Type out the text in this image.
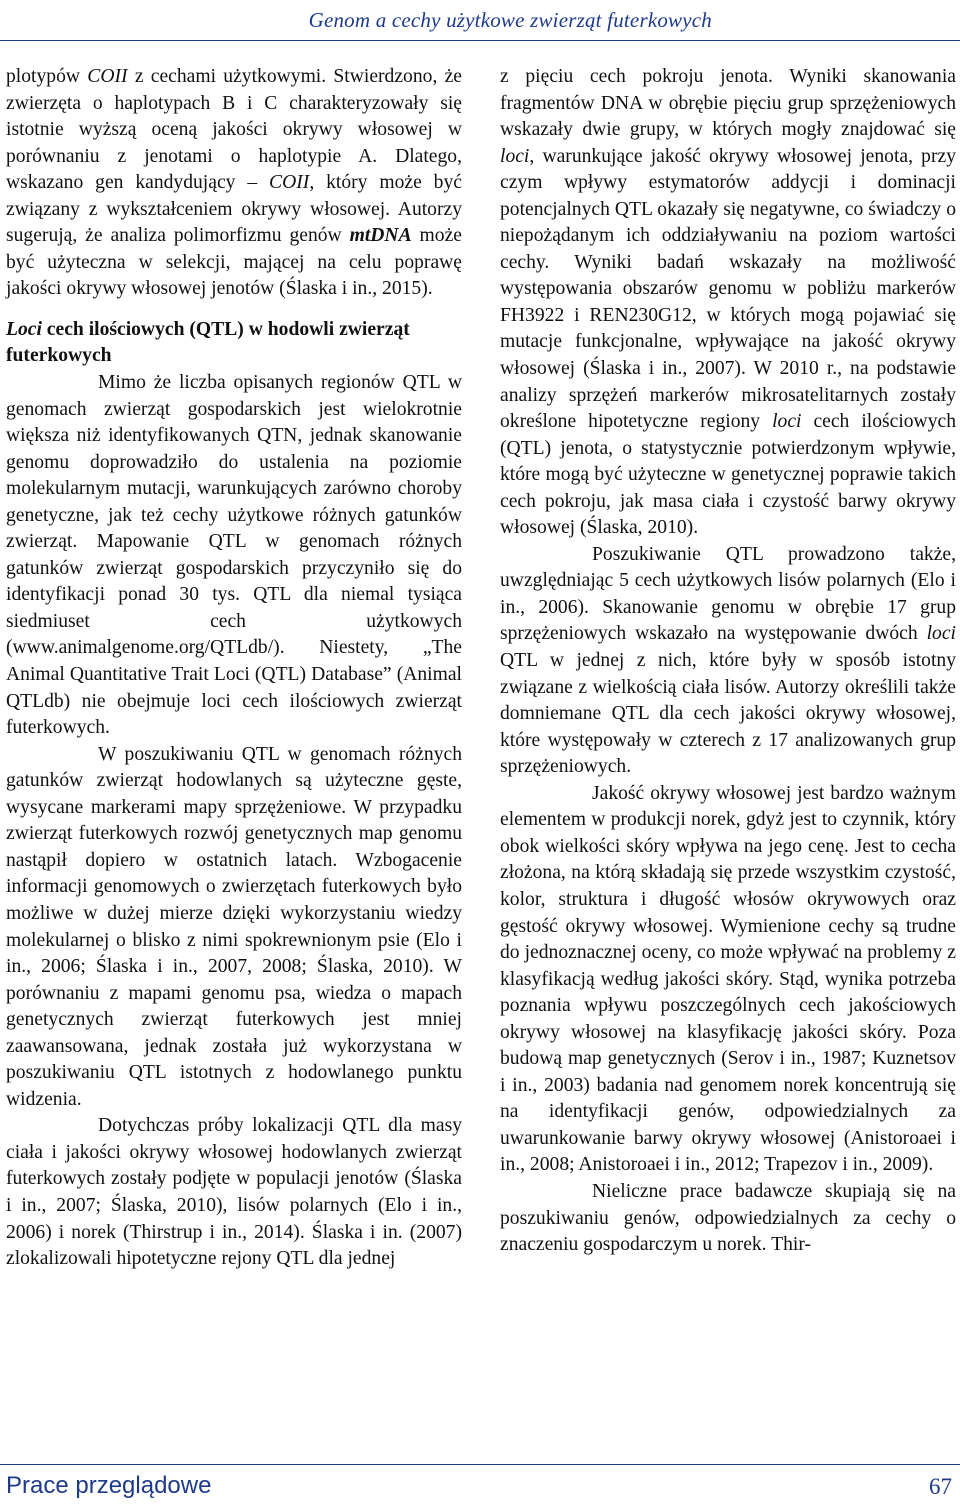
Genom a cechy użytkowe zwierząt futerkowych

plotypów COII z cechami użytkowymi. Stwierdzono, że zwierzęta o haplotypach B i C charakteryzowały się istotnie wyższą oceną jakości okrywy włosowej w porównaniu z jenotami o haplotypie A. Dlatego, wskazano gen kandydujący – COII, który może być związany z wykształceniem okrywy włosowej. Autorzy sugerują, że analiza polimorfizmu genów mtDNA może być użyteczna w selekcji, mającej na celu poprawę jakości okrywy włosowej jenotów (Ślaska i in., 2015).

Loci cech ilościowych (QTL) w hodowli zwierząt futerkowych

Mimo że liczba opisanych regionów QTL w genomach zwierząt gospodarskich jest wielokrotnie większa niż identyfikowanych QTN, jednak skanowanie genomu doprowadziło do ustalenia na poziomie molekularnym mutacji, warunkujących zarówno choroby genetyczne, jak też cechy użytkowe różnych gatunków zwierząt. Mapowanie QTL w genomach różnych gatunków zwierząt gospodarskich przyczyniło się do identyfikacji ponad 30 tys. QTL dla niemal tysiąca siedmiuset cech użytkowych (www.animalgenome.org/QTLdb/). Niestety, „The Animal Quantitative Trait Loci (QTL) Database” (Animal QTLdb) nie obejmuje loci cech ilościowych zwierząt futerkowych.

W poszukiwaniu QTL w genomach różnych gatunków zwierząt hodowlanych są użyteczne gęste, wysycane markerami mapy sprzężeniowe. W przypadku zwierząt futerkowych rozwój genetycznych map genomu nastąpił dopiero w ostatnich latach. Wzbogacenie informacji genomowych o zwierzętach futerkowych było możliwe w dużej mierze dzięki wykorzystaniu wiedzy molekularnej o blisko z nimi spokrewnionym psie (Elo i in., 2006; Ślaska i in., 2007, 2008; Ślaska, 2010). W porównaniu z mapami genomu psa, wiedza o mapach genetycznych zwierząt futerkowych jest mniej zaawansowana, jednak została już wykorzystana w poszukiwaniu QTL istotnych z hodowlanego punktu widzenia.

Dotychczas próby lokalizacji QTL dla masy ciała i jakości okrywy włosowej hodowlanych zwierząt futerkowych zostały podjęte w populacji jenotów (Ślaska i in., 2007; Ślaska, 2010), lisów polarnych (Elo i in., 2006) i norek (Thirstrup i in., 2014). Ślaska i in. (2007) zlokalizowali hipotetyczne rejony QTL dla jednej

z pięciu cech pokroju jenota. Wyniki skanowania fragmentów DNA w obrębie pięciu grup sprzężeniowych wskazały dwie grupy, w których mogły znajdować się loci, warunkujące jakość okrywy włosowej jenota, przy czym wpływy estymatorów addycji i dominacji potencjalnych QTL okazały się negatywne, co świadczy o niepożądanym ich oddziaływaniu na poziom wartości cechy. Wyniki badań wskazały na możliwość występowania obszarów genomu w pobliżu markerów FH3922 i REN230G12, w których mogą pojawiać się mutacje funkcjonalne, wpływające na jakość okrywy włosowej (Ślaska i in., 2007). W 2010 r., na podstawie analizy sprzężeń markerów mikrosatelitarnych zostały określone hipotetyczne regiony loci cech ilościowych (QTL) jenota, o statystycznie potwierdzonym wpływie, które mogą być użyteczne w genetycznej poprawie takich cech pokroju, jak masa ciała i czystość barwy okrywy włosowej (Ślaska, 2010).

Poszukiwanie QTL prowadzono także, uwzględniając 5 cech użytkowych lisów polarnych (Elo i in., 2006). Skanowanie genomu w obrębie 17 grup sprzężeniowych wskazało na występowanie dwóch loci QTL w jednej z nich, które były w sposób istotny związane z wielkością ciała lisów. Autorzy określili także domniemane QTL dla cech jakości okrywy włosowej, które występowały w czterech z 17 analizowanych grup sprzężeniowych.

Jakość okrywy włosowej jest bardzo ważnym elementem w produkcji norek, gdyż jest to czynnik, który obok wielkości skóry wpływa na jego cenę. Jest to cecha złożona, na którą składają się przede wszystkim czystość, kolor, struktura i długość włosów okrywowych oraz gęstość okrywy włosowej. Wymienione cechy są trudne do jednoznacznej oceny, co może wpływać na problemy z klasyfikacją według jakości skóry. Stąd, wynika potrzeba poznania wpływu poszczególnych cech jakościowych okrywy włosowej na klasyfikację jakości skóry. Poza budową map genetycznych (Serov i in., 1987; Kuznetsov i in., 2003) badania nad genomem norek koncentrują się na identyfikacji genów, odpowiedzialnych za uwarunkowanie barwy okrywy włosowej (Anistoroaei i in., 2008; Anistoroaei i in., 2012; Trapezov i in., 2009).

Nieliczne prace badawcze skupiają się na poszukiwaniu genów, odpowiedzialnych za cechy o znaczeniu gospodarczym u norek. Thir-

Prace przeglądowe	67
